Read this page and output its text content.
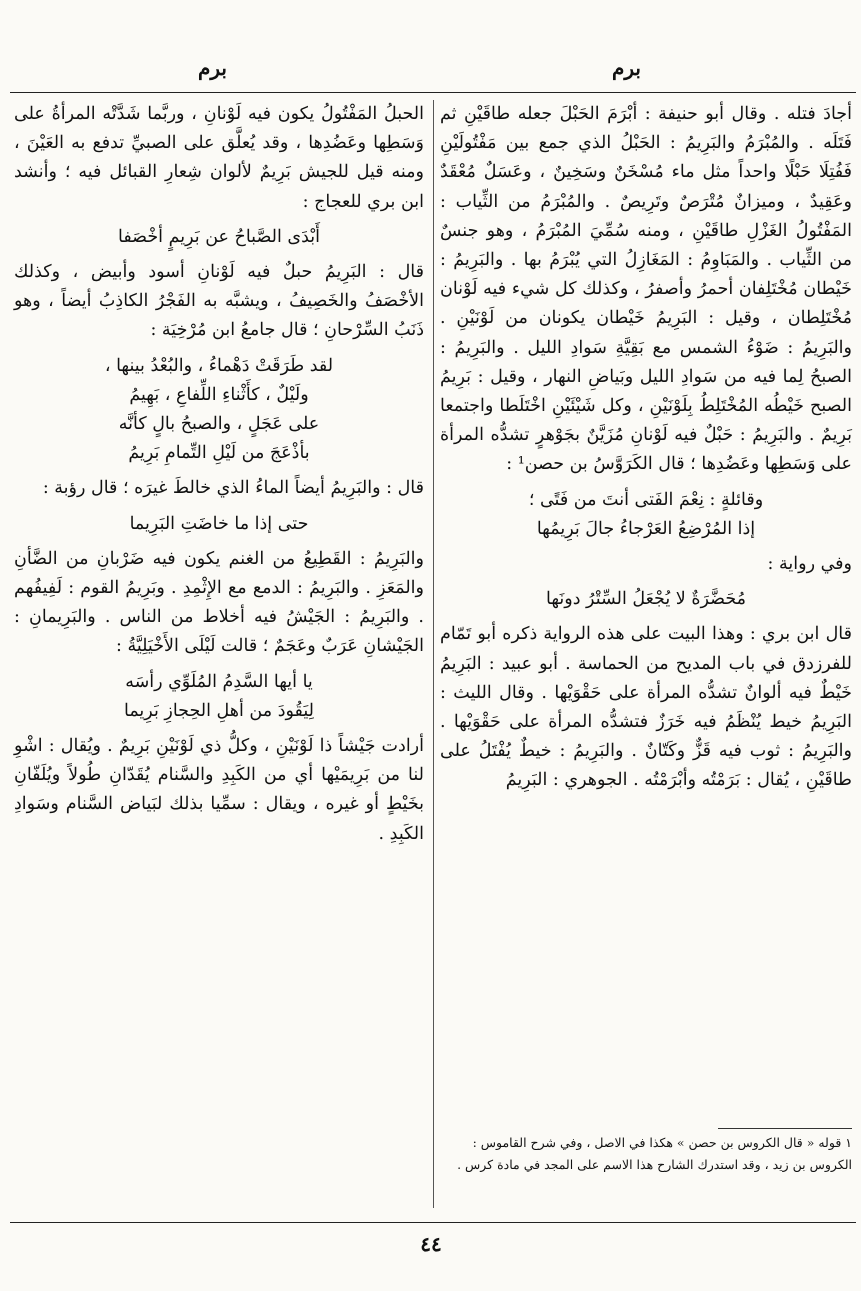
برم
برم

أجادَ فتله . وقال أبو حنيفة : أبْرَمَ الحَبْلَ جعله طاقَيْنِ ثم فَتَلَه . والمُبْرَمُ والبَرِيمُ : الحَبْلُ الذي جمع بين مَفْتُولَيْنِ فَفُتِلَا حَبْلًا واحداً مثل ماء مُسْخَنٌ وسَخِينٌ ، وعَسَلٌ مُعْقَدٌ وعَقِيدٌ ، وميزانٌ مُتْرَصٌ وتَرِيصٌ . والمُبْرَمُ من الثِّياب : المَفْتُولُ الغَزْلِ طاقَيْنِ ، ومنه سُمِّيَ المُبْرَمُ ، وهو جنسٌ من الثِّياب . والمَبَاوِمُ : المَغَازِلُ التي يُبْرَمُ بها . والبَرِيمُ : خَيْطان مُخْتَلِفان أحمرُ وأصفرُ ، وكذلك كل شيء فيه لَوْنان مُخْتَلِطان ، وقيل : البَرِيمُ خَيْطان يكونان من لَوْنَيْنِ . والبَرِيمُ : ضَوْءُ الشمس مع بَقِيَّةِ سَوادِ الليل . والبَرِيمُ : الصبحُ لِما فيه من سَوادِ الليل وبَياضِ النهار ، وقيل : بَرِيمُ الصبح خَيْطُه المُخْتَلِطُ بِلَوْنَيْنِ ، وكل شَيْئَيْنِ اخْتَلَطا واجتمعا بَرِيمٌ . والبَرِيمُ : حَبْلٌ فيه لَوْنانِ مُزَيَّنٌ بجَوْهرٍ تشدُّه المرأة على وَسَطِها وعَضُدِها ؛ قال الكَرَوَّسُ بن حصن¹ :

وقائلةٍ : نِعْمَ الفَتى أنتَ من فَتًى ؛
إذا المُرْضِعُ العَرْجاءُ جالَ بَرِيمُها

وفي رواية :

مُحَضَّرَةٌ لا يُجْعَلُ السِّتْرُ دونَها

قال ابن بري : وهذا البيت على هذه الرواية ذكره أبو تَمّام للفرزدق في باب المديح من الحماسة . أبو عبيد : البَرِيمُ خَيْطٌ فيه ألوانٌ تشدُّه المرأة على حَقْوَيْها . وقال الليث : البَرِيمُ خيط يُنْظَمُ فيه خَرَزٌ فتشدُّه المرأة على حَقْوَيْها . والبَرِيمُ : ثوب فيه قَزٌّ وكَتّانٌ . والبَرِيمُ : خيطٌ يُفْتَلُ على طاقَيْنِ ، يُقال : بَرَمْتُه وأبْرَمْتُه . الجوهري : البَرِيمُ

الحبلُ المَفْتُولُ يكون فيه لَوْنانِ ، وربَّما شَدَّتْه المرأةُ على وَسَطِها وعَضُدِها ، وقد يُعلَّق على الصبيِّ تدفع به العَيْنَ ، ومنه قيل للجيش بَرِيمٌ لألوان شِعارِ القبائل فيه ؛ وأنشد ابن بري للعجاج :

أَبْدَى الصَّباحُ عن بَرِيمٍ أخْصَفا

قال : البَرِيمُ حبلٌ فيه لَوْنانِ أسود وأبيض ، وكذلك الأخْصَفُ والخَصِيفُ ، ويشبَّه به الفَجْرُ الكاذِبُ أيضاً ، وهو ذَنَبُ السِّرْحانِ ؛ قال جامعُ ابن مُرْخِيَة :

لقد طَرَقَتْ دَهْماءُ ، والبُعْدُ بينها ،
ولَيْلٌ ، كأَثْناءِ اللِّفاعِ ، بَهِيمُ
على عَجَلٍ ، والصبحُ بالٍ كأنَّه
بأذْعَجَ من لَيْلِ التِّمامِ بَرِيمُ

قال : والبَرِيمُ أيضاً الماءُ الذي خالطَ غيرَه ؛ قال رؤبة :

حتى إذا ما خاضَتِ البَرِيما

والبَرِيمُ : القَطِيعُ من الغنم يكون فيه ضَرْبانِ من الضَّأنِ والمَعَزِ . والبَرِيمُ : الدمع مع الإِثْمِدِ . وبَرِيمُ القوم : لَفِيفُهم . والبَرِيمُ : الجَيْشُ فيه أخلاط من الناس . والبَرِيمانِ : الجَيْشانِ عَرَبٌ وعَجَمٌ ؛ قالت لَيْلَى الأَخْيَلِيَّةُ :

يا أيها السَّدِمُ المُلَوِّي رأسَه
لِيَقُودَ من أهلِ الحِجازِ بَرِيما

أرادت جَيْشاً ذا لَوْنَيْنِ ، وكلُّ ذي لَوْنَيْنِ بَرِيمٌ . ويُقال : اشْوِ لنا من بَرِيمَيْها أي من الكَبِدِ والسَّنام يُقَدّانِ طُولاً ويُلَفّانِ بخَيْطٍ أو غيره ، ويقال : سمِّيا بذلك لبَياض السَّنام وسَوادِ الكَبِدِ .

١ قوله « قال الكروس بن حصن » هكذا في الاصل ، وفي شرح القاموس : الكروس بن زيد ، وقد استدرك الشارح هذا الاسم على المجد في مادة كرس .
٤٤
